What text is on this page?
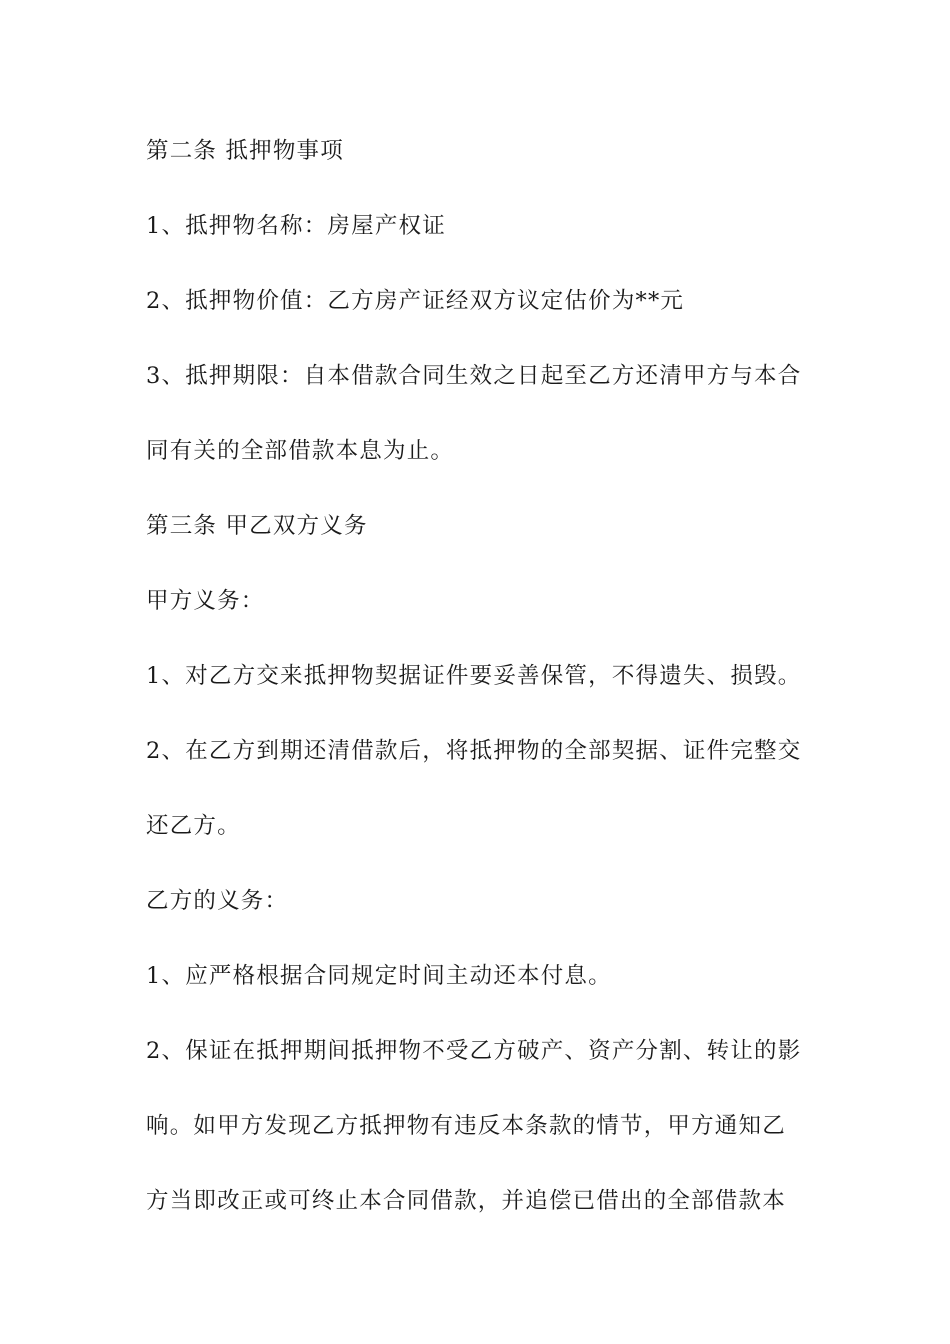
第二条 抵押物事项
1、抵押物名称：房屋产权证
2、抵押物价值：乙方房产证经双方议定估价为**元
3、抵押期限：自本借款合同生效之日起至乙方还清甲方与本合
同有关的全部借款本息为止。
第三条 甲乙双方义务
甲方义务：
1、对乙方交来抵押物契据证件要妥善保管，不得遗失、损毁。
2、在乙方到期还清借款后，将抵押物的全部契据、证件完整交
还乙方。
乙方的义务：
1、应严格根据合同规定时间主动还本付息。
2、保证在抵押期间抵押物不受乙方破产、资产分割、转让的影
响。如甲方发现乙方抵押物有违反本条款的情节，甲方通知乙
方当即改正或可终止本合同借款，并追偿已借出的全部借款本
